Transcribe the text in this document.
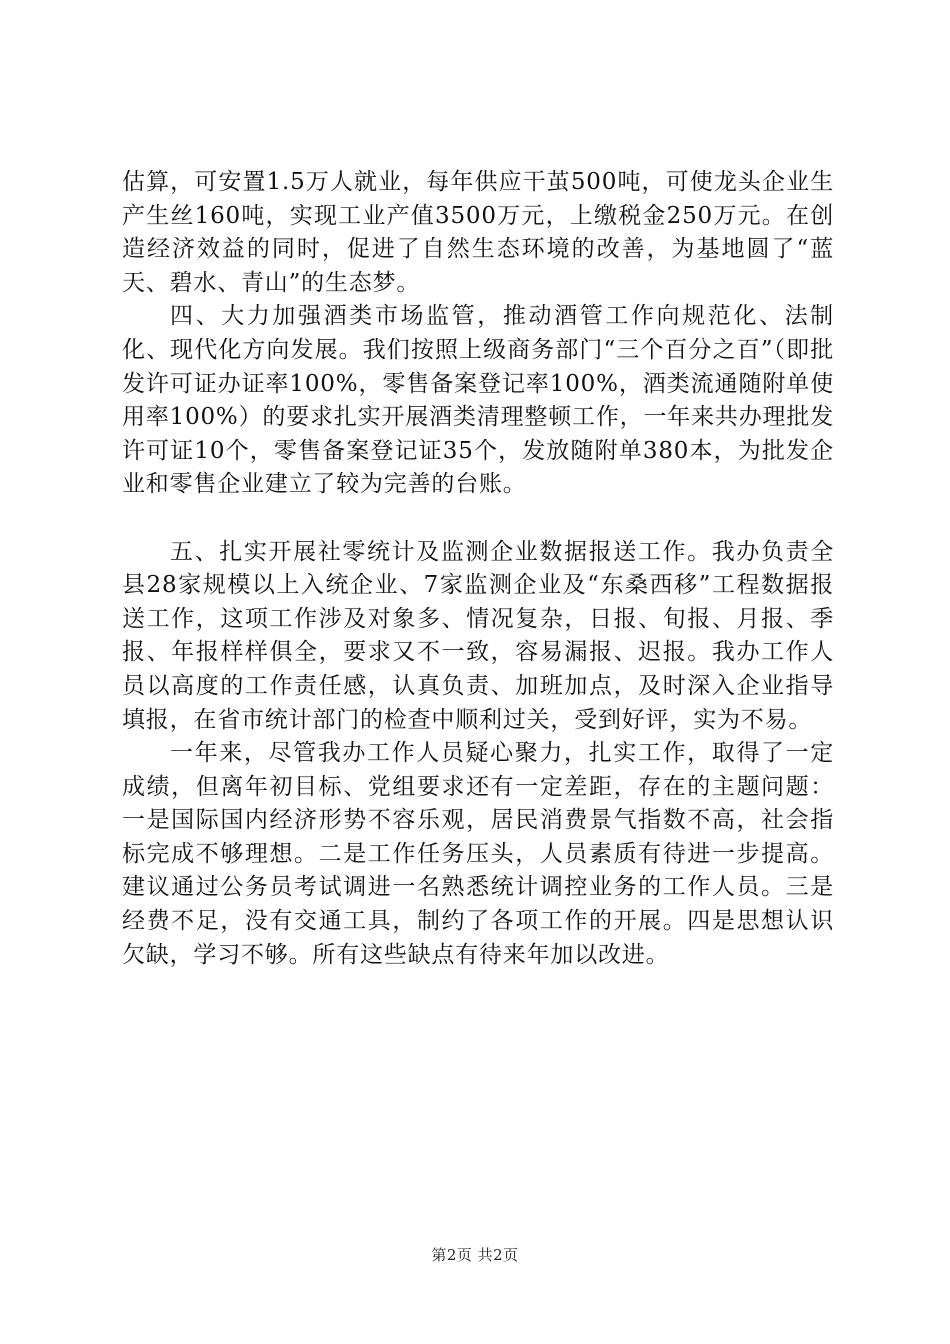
估算，可安置1.5万人就业，每年供应干茧500吨，可使龙头企业生产生丝160吨，实现工业产值3500万元，上缴税金250万元。在创造经济效益的同时，促进了自然生态环境的改善，为基地圆了“蓝天、碧水、青山”的生态梦。

四、大力加强酒类市场监管，推动酒管工作向规范化、法制化、现代化方向发展。我们按照上级商务部门“三个百分之百”（即批发许可证办证率100%，零售备案登记率100%，酒类流通随附单使用率100%）的要求扎实开展酒类清理整顿工作，一年来共办理批发许可证10个，零售备案登记证35个，发放随附单380本，为批发企业和零售企业建立了较为完善的台账。

五、扎实开展社零统计及监测企业数据报送工作。我办负责全县28家规模以上入统企业、7家监测企业及“东桑西移”工程数据报送工作，这项工作涉及对象多、情况复杂，日报、旬报、月报、季报、年报样样俱全，要求又不一致，容易漏报、迟报。我办工作人员以高度的工作责任感，认真负责、加班加点，及时深入企业指导填报，在省市统计部门的检查中顺利过关，受到好评，实为不易。

一年来，尽管我办工作人员疑心聚力，扎实工作，取得了一定成绩，但离年初目标、党组要求还有一定差距，存在的主题问题：一是国际国内经济形势不容乐观，居民消费景气指数不高，社会指标完成不够理想。二是工作任务压头，人员素质有待进一步提高。建议通过公务员考试调进一名熟悉统计调控业务的工作人员。三是经费不足，没有交通工具，制约了各项工作的开展。四是思想认识欠缺，学习不够。所有这些缺点有待来年加以改进。

第2页 共2页
